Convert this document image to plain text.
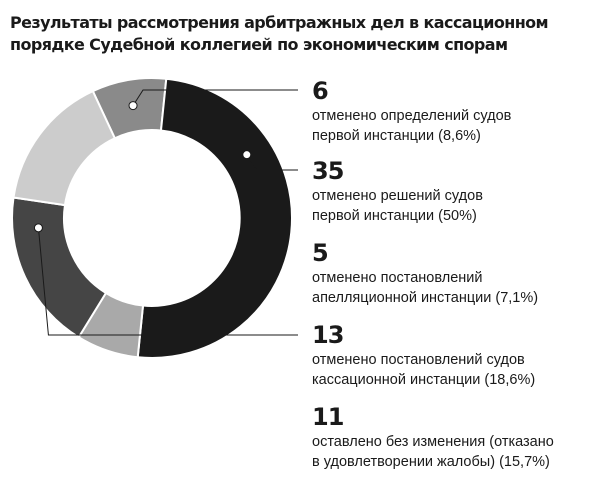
Результаты рассмотрения арбитражных дел в кассационном
порядке Судебной коллегией по экономическим спорам
6
отменено определений судов
первой инстанции (8,6%)
35
отменено решений судов
первой инстанции (50%)
5
отменено постановлений
апелляционной инстанции (7,1%)
13
отменено постановлений судов
кассационной инстанции (18,6%)
11
оставлено без изменения (отказано
в удовлетворении жалобы) (15,7%)
